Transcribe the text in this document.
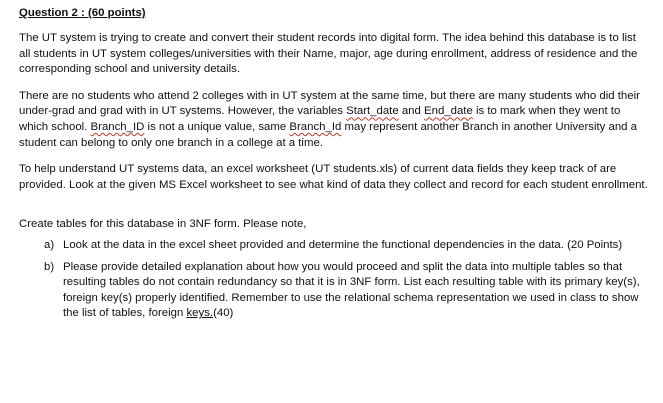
Question 2 : (60 points)

The UT system is trying to create and convert their student records into digital form. The idea behind this database is to list all students in UT system colleges/universities with their Name, major, age during enrollment, address of residence and the corresponding school and university details.

There are no students who attend 2 colleges with in UT system at the same time, but there are many students who did their under-grad and grad with in UT systems. However, the variables Start_date and End_date is to mark when they went to which school. Branch_ID is not a unique value, same Branch_Id may represent another Branch in another University and a student can belong to only one branch in a college at a time.

To help understand UT systems data, an excel worksheet (UT students.xls) of current data fields they keep track of are provided. Look at the given MS Excel worksheet to see what kind of data they collect and record for each student enrollment.

Create tables for this database in 3NF form. Please note,

a) Look at the data in the excel sheet provided and determine the functional dependencies in the data. (20 Points)
b) Please provide detailed explanation about how you would proceed and split the data into multiple tables so that resulting tables do not contain redundancy so that it is in 3NF form. List each resulting table with its primary key(s), foreign key(s) properly identified. Remember to use the relational schema representation we used in class to show the list of tables, foreign keys.(40)
